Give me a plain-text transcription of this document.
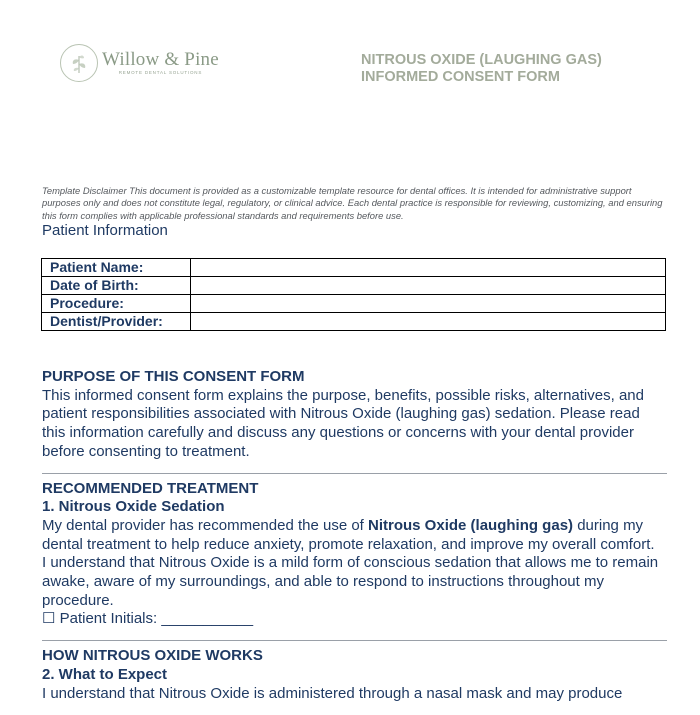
Willow & Pine
REMOTE DENTAL SOLUTIONS
NITROUS OXIDE (LAUGHING GAS)
INFORMED CONSENT FORM
Template Disclaimer This document is provided as a customizable template resource for dental offices. It is intended for administrative support purposes only and does not constitute legal, regulatory, or clinical advice. Each dental practice is responsible for reviewing, customizing, and ensuring this form complies with applicable professional standards and requirements before use.
Patient Information
Patient Name:	
Date of Birth:	
Procedure:	
Dentist/Provider:	
PURPOSE OF THIS CONSENT FORM

This informed consent form explains the purpose, benefits, possible risks, alternatives, and patient responsibilities associated with Nitrous Oxide (laughing gas) sedation. Please read this information carefully and discuss any questions or concerns with your dental provider before consenting to treatment.

RECOMMENDED TREATMENT
1. Nitrous Oxide Sedation

My dental provider has recommended the use of Nitrous Oxide (laughing gas) during my dental treatment to help reduce anxiety, promote relaxation, and improve my overall comfort.

I understand that Nitrous Oxide is a mild form of conscious sedation that allows me to remain awake, aware of my surroundings, and able to respond to instructions throughout my procedure.

☐ Patient Initials: ___________

HOW NITROUS OXIDE WORKS
2. What to Expect

I understand that Nitrous Oxide is administered through a nasal mask and may produce
